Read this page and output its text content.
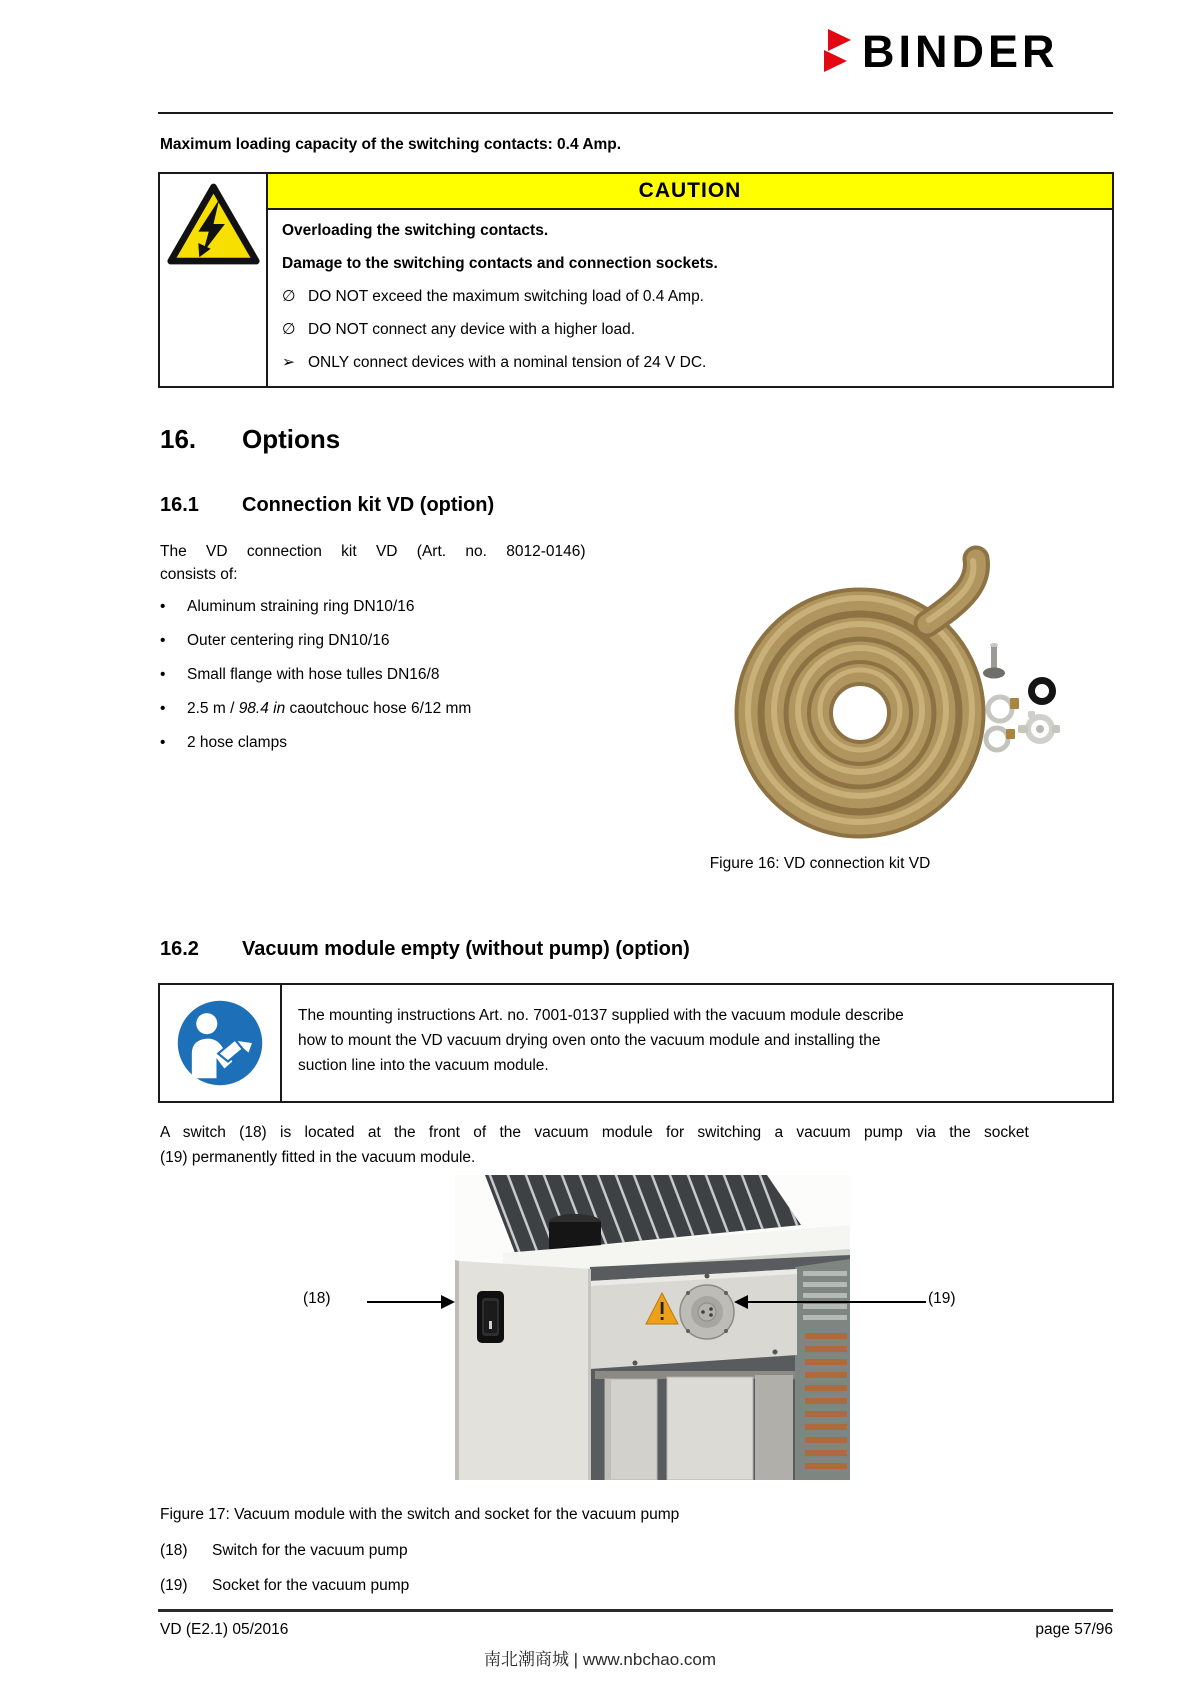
BINDER
Maximum loading capacity of the switching contacts: 0.4 Amp.
CAUTION
Overloading the switching contacts.
Damage to the switching contacts and connection sockets.
∅ DO NOT exceed the maximum switching load of 0.4 Amp.
∅ DO NOT connect any device with a higher load.
➢ ONLY connect devices with a nominal tension of 24 V DC.
16. Options
16.1 Connection kit VD (option)
The VD connection kit VD (Art. no. 8012-0146)
consists of:
•	Aluminum straining ring DN10/16
•	Outer centering ring DN10/16
•	Small flange with hose tulles DN16/8
•	2.5 m / 98.4 in caoutchouc hose 6/12 mm
•	2 hose clamps
Figure 16: VD connection kit VD
16.2 Vacuum module empty (without pump) (option)
The mounting instructions Art. no. 7001-0137 supplied with the vacuum module describe
how to mount the VD vacuum drying oven onto the vacuum module and installing the
suction line into the vacuum module.
A switch (18) is located at the front of the vacuum module for switching a vacuum pump via the socket
(19) permanently fitted in the vacuum module.
(18)	(19)
Figure 17: Vacuum module with the switch and socket for the vacuum pump
(18) Switch for the vacuum pump
(19) Socket for the vacuum pump
VD (E2.1) 05/2016	page 57/96
南北潮商城 | www.nbchao.com
